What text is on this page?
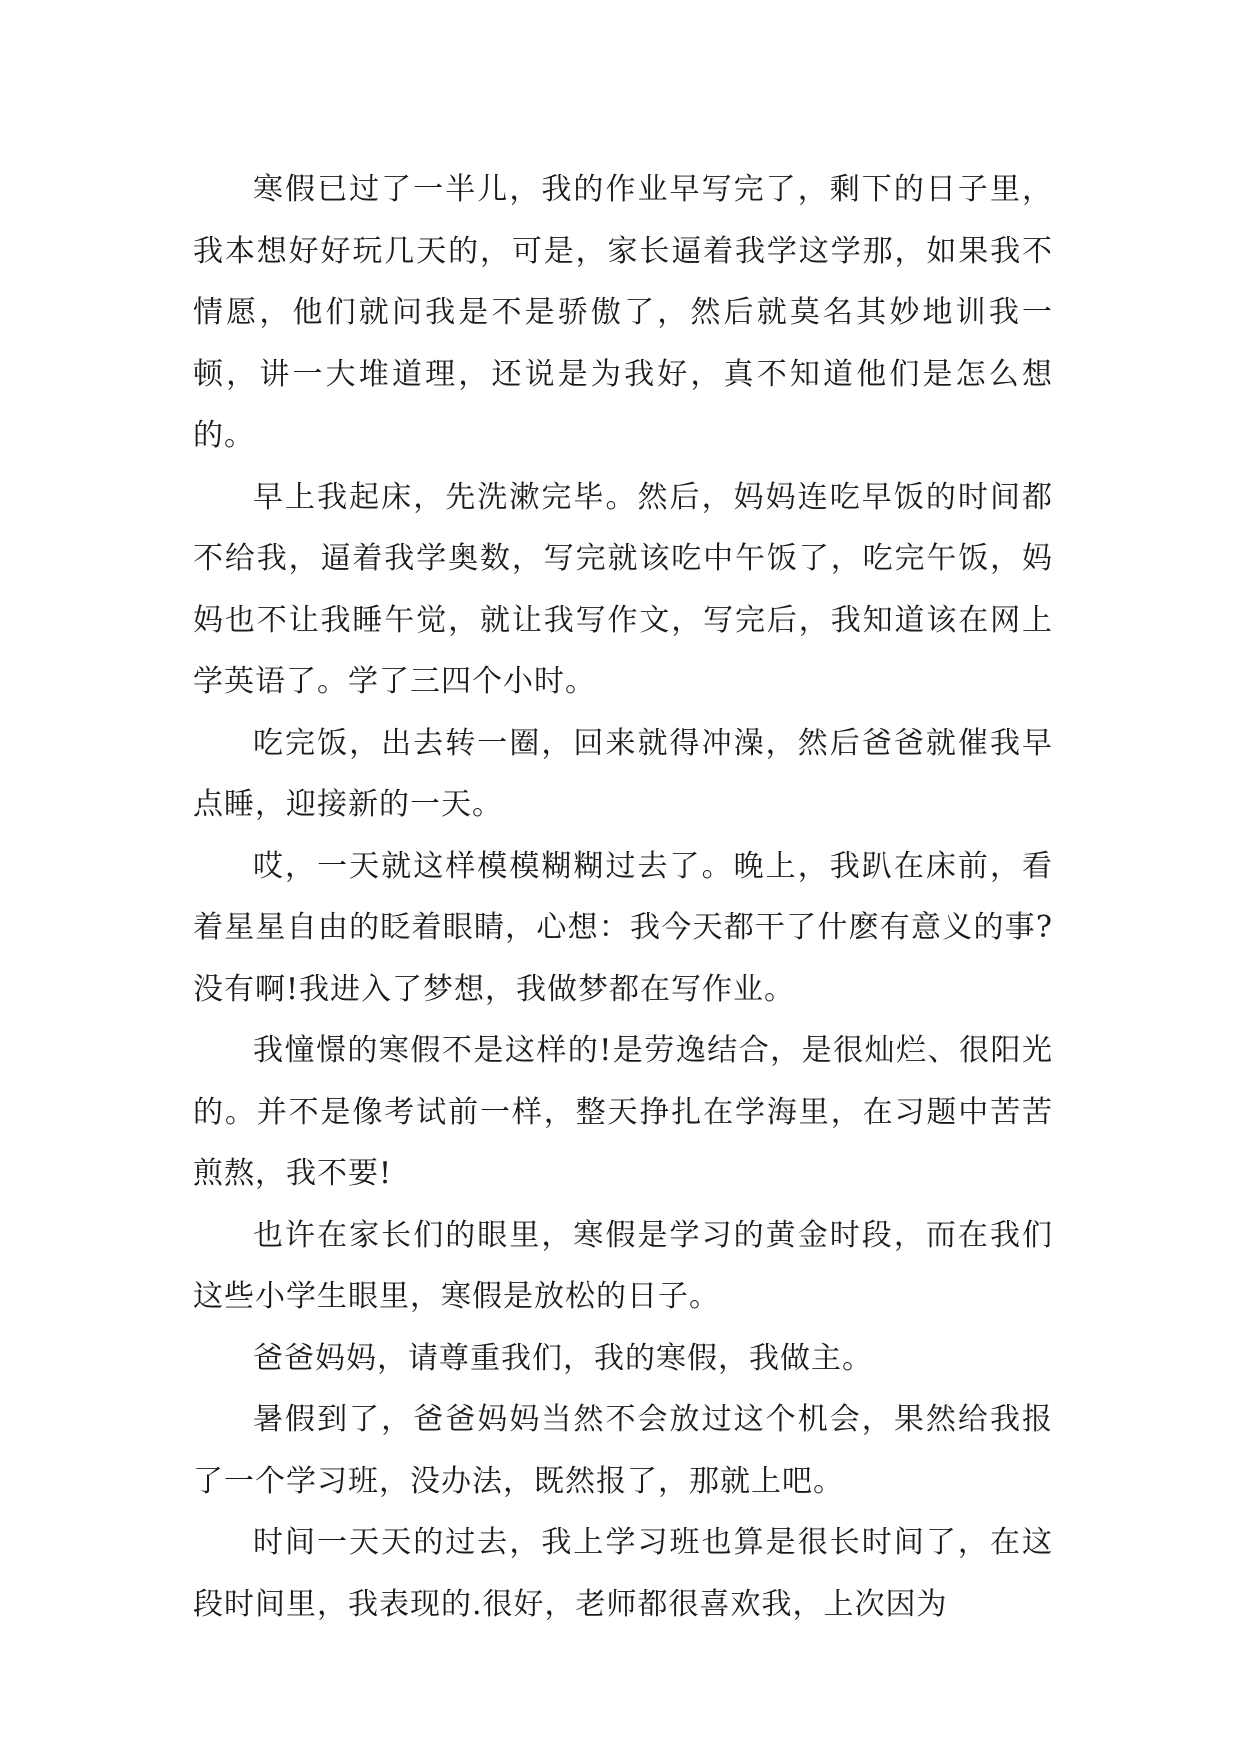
寒假已过了一半儿，我的作业早写完了，剩下的日子里，我本想好好玩几天的，可是，家长逼着我学这学那，如果我不情愿，他们就问我是不是骄傲了，然后就莫名其妙地训我一顿，讲一大堆道理，还说是为我好，真不知道他们是怎么想的。

早上我起床，先洗漱完毕。然后，妈妈连吃早饭的时间都不给我，逼着我学奥数，写完就该吃中午饭了，吃完午饭，妈妈也不让我睡午觉，就让我写作文，写完后，我知道该在网上学英语了。学了三四个小时。

吃完饭，出去转一圈，回来就得冲澡，然后爸爸就催我早点睡，迎接新的一天。

哎，一天就这样模模糊糊过去了。晚上，我趴在床前，看着星星自由的眨着眼睛，心想：我今天都干了什麽有意义的事?没有啊!我进入了梦想，我做梦都在写作业。

我憧憬的寒假不是这样的!是劳逸结合，是很灿烂、很阳光的。并不是像考试前一样，整天挣扎在学海里，在习题中苦苦煎熬，我不要!

也许在家长们的眼里，寒假是学习的黄金时段，而在我们这些小学生眼里，寒假是放松的日子。

爸爸妈妈，请尊重我们，我的寒假，我做主。

暑假到了，爸爸妈妈当然不会放过这个机会，果然给我报了一个学习班，没办法，既然报了，那就上吧。

时间一天天的过去，我上学习班也算是很长时间了，在这段时间里，我表现的.很好，老师都很喜欢我，上次因为
